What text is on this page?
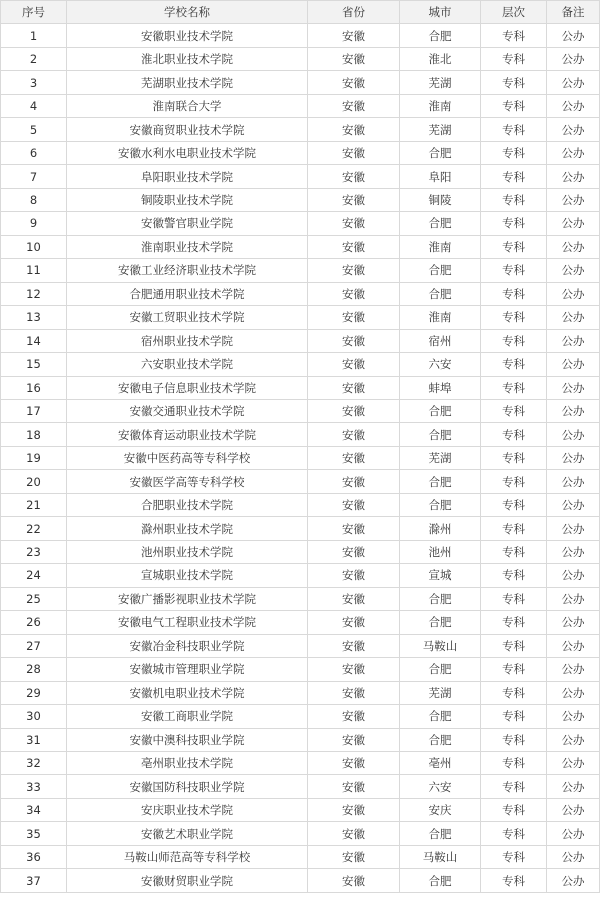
序号	学校名称	省份	城市	层次	备注
1	安徽职业技术学院	安徽	合肥	专科	公办
2	淮北职业技术学院	安徽	淮北	专科	公办
3	芜湖职业技术学院	安徽	芜湖	专科	公办
4	淮南联合大学	安徽	淮南	专科	公办
5	安徽商贸职业技术学院	安徽	芜湖	专科	公办
6	安徽水利水电职业技术学院	安徽	合肥	专科	公办
7	阜阳职业技术学院	安徽	阜阳	专科	公办
8	铜陵职业技术学院	安徽	铜陵	专科	公办
9	安徽警官职业学院	安徽	合肥	专科	公办
10	淮南职业技术学院	安徽	淮南	专科	公办
11	安徽工业经济职业技术学院	安徽	合肥	专科	公办
12	合肥通用职业技术学院	安徽	合肥	专科	公办
13	安徽工贸职业技术学院	安徽	淮南	专科	公办
14	宿州职业技术学院	安徽	宿州	专科	公办
15	六安职业技术学院	安徽	六安	专科	公办
16	安徽电子信息职业技术学院	安徽	蚌埠	专科	公办
17	安徽交通职业技术学院	安徽	合肥	专科	公办
18	安徽体育运动职业技术学院	安徽	合肥	专科	公办
19	安徽中医药高等专科学校	安徽	芜湖	专科	公办
20	安徽医学高等专科学校	安徽	合肥	专科	公办
21	合肥职业技术学院	安徽	合肥	专科	公办
22	滁州职业技术学院	安徽	滁州	专科	公办
23	池州职业技术学院	安徽	池州	专科	公办
24	宣城职业技术学院	安徽	宣城	专科	公办
25	安徽广播影视职业技术学院	安徽	合肥	专科	公办
26	安徽电气工程职业技术学院	安徽	合肥	专科	公办
27	安徽冶金科技职业学院	安徽	马鞍山	专科	公办
28	安徽城市管理职业学院	安徽	合肥	专科	公办
29	安徽机电职业技术学院	安徽	芜湖	专科	公办
30	安徽工商职业学院	安徽	合肥	专科	公办
31	安徽中澳科技职业学院	安徽	合肥	专科	公办
32	亳州职业技术学院	安徽	亳州	专科	公办
33	安徽国防科技职业学院	安徽	六安	专科	公办
34	安庆职业技术学院	安徽	安庆	专科	公办
35	安徽艺术职业学院	安徽	合肥	专科	公办
36	马鞍山师范高等专科学校	安徽	马鞍山	专科	公办
37	安徽财贸职业学院	安徽	合肥	专科	公办
